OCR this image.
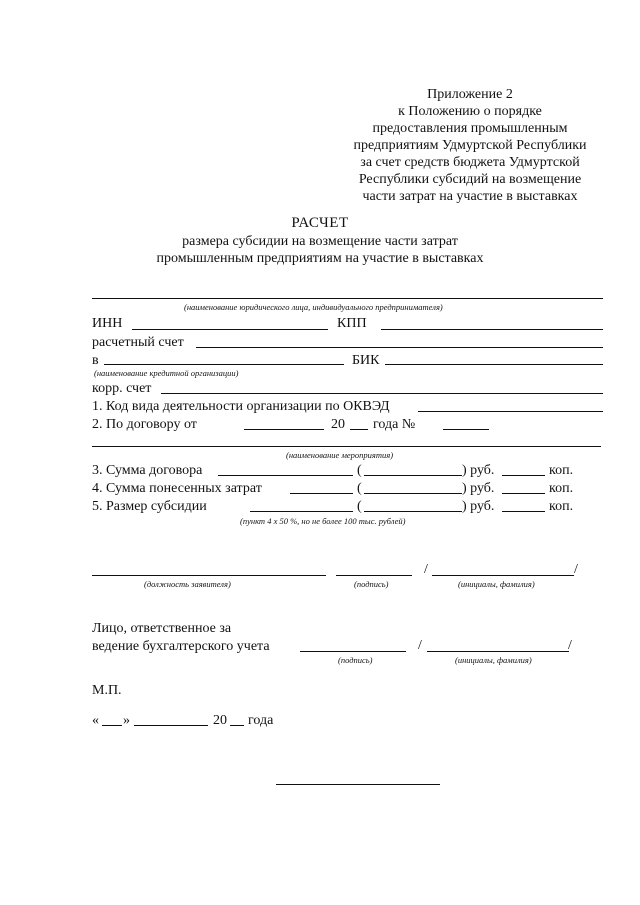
Приложение 2
к Положению о порядке
предоставления промышленным
предприятиям Удмуртской Республики
за счет средств бюджета Удмуртской
Республики субсидий на возмещение
части затрат на участие в выставках
РАСЧЕТ
размера субсидии на возмещение части затрат
промышленным предприятиям на участие в выставках
(наименование юридического лица, индивидуального предпринимателя)
ИНН	КПП
расчетный счет
в	БИК
(наименование кредитной организации)
корр. счет
1. Код вида деятельности организации по ОКВЭД
2. По договору от	20 года №
(наименование мероприятия)
3. Сумма договора	(	) руб.	коп.
4. Сумма понесенных затрат	(	) руб.	коп.
5. Размер субсидии	(	) руб.	коп.
(пункт 4 х 50 %, но не более 100 тыс. рублей)
/	/
(должность заявителя)	(подпись)	(инициалы, фамилия)
Лицо, ответственное за
ведение бухгалтерского учета	/	/
(подпись)	(инициалы, фамилия)
М.П.
« »	20 года
